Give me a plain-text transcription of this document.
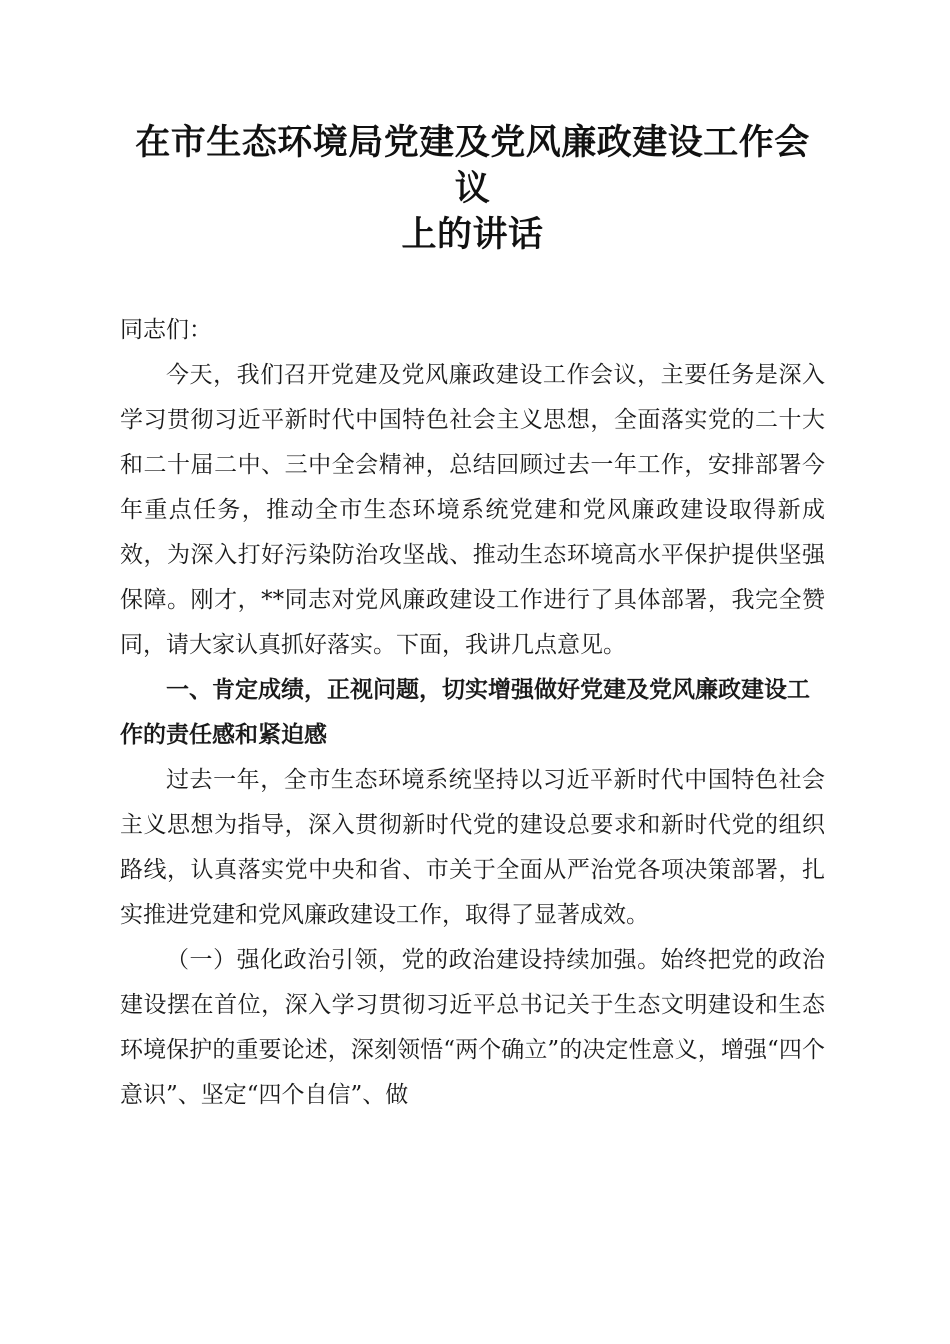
在市生态环境局党建及党风廉政建设工作会议
上的讲话

同志们：

今天，我们召开党建及党风廉政建设工作会议，主要任务是深入学习贯彻习近平新时代中国特色社会主义思想，全面落实党的二十大和二十届二中、三中全会精神，总结回顾过去一年工作，安排部署今年重点任务，推动全市生态环境系统党建和党风廉政建设取得新成效，为深入打好污染防治攻坚战、推动生态环境高水平保护提供坚强保障。刚才，**同志对党风廉政建设工作进行了具体部署，我完全赞同，请大家认真抓好落实。下面，我讲几点意见。

一、肯定成绩，正视问题，切实增强做好党建及党风廉政建设工作的责任感和紧迫感

过去一年，全市生态环境系统坚持以习近平新时代中国特色社会主义思想为指导，深入贯彻新时代党的建设总要求和新时代党的组织路线，认真落实党中央和省、市关于全面从严治党各项决策部署，扎实推进党建和党风廉政建设工作，取得了显著成效。

（一）强化政治引领，党的政治建设持续加强。始终把党的政治建设摆在首位，深入学习贯彻习近平总书记关于生态文明建设和生态环境保护的重要论述，深刻领悟“两个确立”的决定性意义，增强“四个意识”、坚定“四个自信”、做
